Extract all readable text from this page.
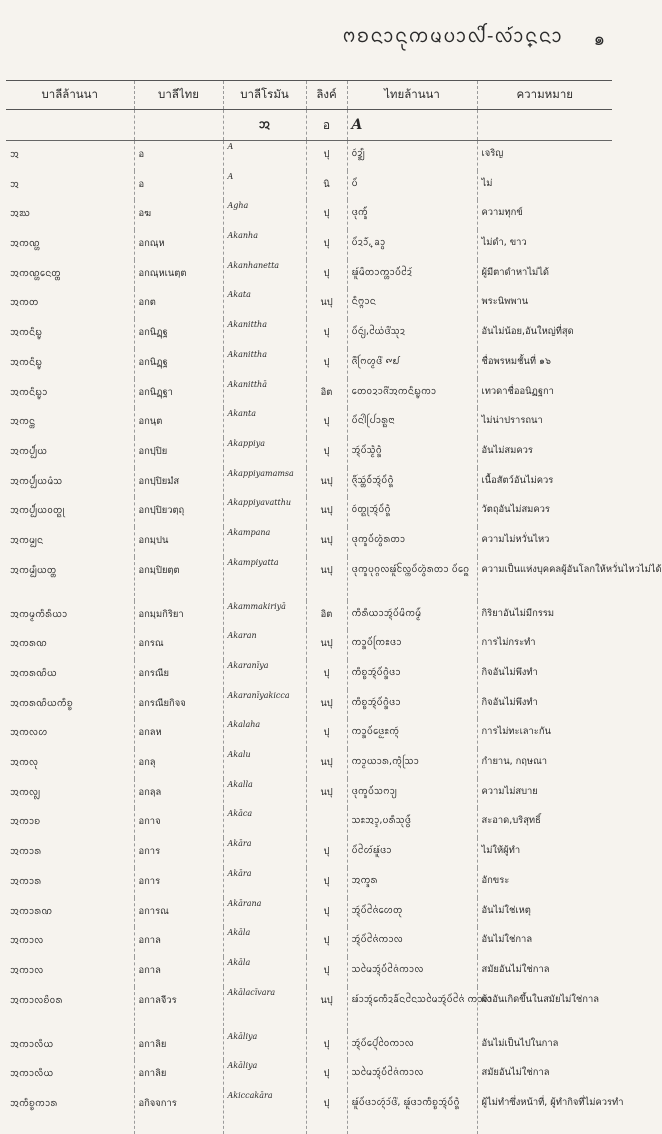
ᨻᨧᨶᩣᨶᩩᨠᨾᨷᩣᩓᩦ-ᩃ᩶ᩣ᩠ᨶᨶᩣ ๑
บาลีล้านนา	บาลีไทย	บาลีโรมัน	ลิงค์	ไทยล้านนา	ความหมาย
		ᩋ	อ	A	
ᩋ	อ	A	ปุ	ᩅᩢᨯ᩠ᨰᩥ	เจริญ
ᩋ	อ	A	นิ	ᨷᩴ᩵	ไม่
ᩋᨥ	อฆ	Agha	ปุ	ᨴᩩᨠ᩠ᨡ᩼	ความทุกข์
ᩋᨠᨱ᩠ᩉ	อกณฺห	Akanha	ปุ	ᨷᩴ᩵ᨯᩣ᩠᩶ᩴ, ᨡᩣ᩠ᩅ	ไม่ดำ, ขาว
ᩋᨠᨱ᩠ᩉᨶᩮᨲ᩠ᨲ	อกณฺหเนตฺต	Akanhanetta	ปุ	ᨹᩪ᩶ᨾᩦᨲᩣᨠ᩠ᩉᩣᨷᩴ᩵ᨯᩲ᩶	ผู้มีตาดำหาไม่ได้
ᩋᨠᨲ	อกต	Akata	นปุ	ᨶᩥᨻ᩠ᨻᩣᨶ	พระนิพพาน
ᩋᨠᨶᩥᨭ᩠ᨮ	อกนิฏฺฐ	Akanittha	ปุ	ᨷᩴ᩵ᨶᩢ᩠ᨿ,ᨿᩲ᩵ᨴᩦ᩵ᩈᩩᨯ	อันไม่น้อย,อันใหญ่ที่สุด
ᩋᨠᨶᩥᨭ᩠ᨮ	อกนิฏฺฐ	Akanittha	ปุ	ᨩᩨ᩵ᨻᩕᩉ᩠ᨾᨴᩦ᩵ ᪑᪖	ชื่อพรหมชั้นที่ ๑๖
ᩋᨠᨶᩥᨭ᩠ᨮᩣ	อกนิฏฺฐา	Akanitthā	อิต	ᨲᩮᩅᨯᩣᨩᩨ᩵ᩋᨠᨶᩥᨭ᩠ᨮᨠᩣ	เทวดาชื่ออนิฏฐกา
ᩋᨠᨶ᩠ᨲ	อกนฺต	Akanta	ปุ	ᨷᩴ᩵ᨶᩤ᩵ᨸᩕᩣᩁ᩠ᨳᨶᩣ	ไม่น่าปรารถนา
ᩋᨠᨸ᩠ᨸᩥᨿ	อกปฺปิย	Akappiya	ปุ	ᩋᩢ᩠ᨶᨷᩴ᩵ᩈᩫ᩠ᨾᨣᩫ᩠ᩁ	อันไม่สมควร
ᩋᨠᨸ᩠ᨸᩥᨿᨾᩴᩈ	อกปฺปิยมํส	Akappiyamamsa	นปุ	ᨩᩥ᩠᩶ᨶᩈᩢ᩠ᨲᩅ᩼ᩋᩢ᩠ᨶᨷᩴ᩵ᨣᩫ᩠ᩁ	เนื้อสัตว์อันไม่ควร
ᩋᨠᨸ᩠ᨸᩥᨿᩅᨲ᩠ᨳᩩ	อกปฺปิยวตฺถุ	Akappiyavatthu	นปุ	ᩅᩢᨲ᩠ᨳᩩᩋᩢ᩠ᨶᨷᩴ᩵ᨣᩫ᩠ᩁ	วัตถุอันไม่สมควร
ᩋᨠᨾ᩠ᨸᨶ	อกมฺปน	Akampana	นปุ	ᨴᩩᨠ᩠ᨡᨷᩴ᩵ᩉ᩠ᩅᩢ᩵ᩁᨲᩣ	ความไม่หวั่นไหว
ᩋᨠᨾ᩠ᨸᩥᨿᨲ᩠ᨲ	อกมฺปิยตฺต	Akampiyatta	นปุ	ᨴᩩᨠ᩠ᨡᨷᩩᨣ᩠ᨣᩃᨹᩪ᩶ᩃᩰ᩠ᨠᨷᩴ᩵ᩉ᩠ᩅᩢ᩵ᩁᨲᩣ ᨷᩴ᩵ᨣᩮ᩠ᨦ	ความเป็นแห่งบุคคลผู้อันโลกให้หวั่นไหวไม่ได้
ᩋᨠᨾ᩠ᨾᨠᩥᩁᩥᨿᩣ	อกมฺมกิริยา	Akammakiriyā	อิต	ᨠᩥᩁᩥᨿᩣᩋᩢ᩠ᨶᨷᩴ᩵ᨾᩦᨠᨾ᩠ᨾ᩼	กิริยาอันไม่มีกรรม
ᩋᨠᩁᨱ	อกรณ	Akaran	นปุ	ᨠᩣ᩠ᩁᨷᩴ᩵ᨠᩕᩡᨴᩣ	การไม่กระทำ
ᩋᨠᩁᨱᩦᨿ	อกรณีย	Akaranīya	ปุ	ᨠᩥᨧ᩠ᨧᩋᩢ᩠ᨶᨷᩴ᩵ᨣᩫ᩠ᩁᨴᩣ	กิจอันไม่พึงทำ
ᩋᨠᩁᨱᩦᨿᨠᩥᨧ᩠ᨧ	อกรณียกิจจ	Akaranīyakicca	นปุ	ᨠᩥᨧ᩠ᨧᩋᩢ᩠ᨶᨷᩴ᩵ᨣᩫ᩠ᩁᨴᩣ	กิจอันไม่พึงทำ
ᩋᨠᩃᩉ	อกลห	Akalaha	ปุ	ᨠᩣ᩠ᩁᨷᩴ᩵ᨴᩮᩬᩡᨠᩢ᩠ᨶ	การไม่ทะเลาะกัน
ᩋᨠᩃᩩ	อกลุ	Akalu	นปุ	ᨠᩣ᩠ᨾᨿᩣᩁ,ᨠᩫ᩠ᨶᩈᩕᩣ	กำยาน, กฤษณา
ᩋᨠᩃ᩠ᩃ	อกลฺล	Akalla	นปุ	ᨴᩩᨠ᩠ᨡᨷᩴ᩵ᩈᨻᩣ᩠ᨿ	ความไม่สบาย
ᩋᨠᩣᨧ	อกาจ	Akāca		ᩈᩡᩋᩣ᩠ᨯ,ᨷᩁᩥᩈᩩᨴ᩠ᨵ᩼	สะอาด,บริสุทธิ์
ᩋᨠᩣᩁ	อการ	Akāra	ปุ	ᨷᩴ᩵ᩉᩲ᩶ᨹᩪ᩶ᨴᩣ	ไม่ให้ผู้ทำ
ᩋᨠᩣᩁ	อการ	Akāra	ปุ	ᩋᨠ᩠ᨡᩁ	อักขระ
ᩋᨠᩣᩁᨱ	อการณ	Akārana	ปุ	ᩋᩢ᩠ᨶᨷᩴ᩵ᨩᩲ᩵ᩉᩮᨲᩩ	อันไม่ใช่เหตุ
ᩋᨠᩣᩃ	อกาล	Akāla	ปุ	ᩋᩢ᩠ᨶᨷᩴ᩵ᨩᩲ᩵ᨠᩣᩃ	อันไม่ใช่กาล
ᩋᨠᩣᩃ	อกาล	Akāla	ปุ	ᩈᨾᩱᩋᩢ᩠ᨶᨷᩴ᩵ᨩᩲ᩵ᨠᩣᩃ	สมัยอันไม่ใช่กาล
ᩋᨠᩣᩃᨧᩦᩅᩁ	อกาลจีวร	Akālacīvara	นปุ	ᨹ᩶ᩣᩋᩢ᩠ᨶᨠᩮᩥᨯᨡᩧ᩶ᨶᨶᩲᩈᨾᩱᩋᩢ᩠ᨶᨷᩴ᩵ᨩᩲ᩵ ᨠᩣᩃ	ผ้าอันเกิดขึ้นในสมัยไม่ใช่กาล
ᩋᨠᩣᩃᩥᨿ	อกาลิย	Akāliya	ปุ	ᩋᩢ᩠ᨶᨷᩴ᩵ᨸᩮᩢ᩠ᨶᩅᩱᨠᩣᩃ	อันไม่เป็นไปในกาล
ᩋᨠᩣᩃᩥᨿ	อกาลิย	Akāliya	ปุ	ᩈᨾᩱᩋᩢ᩠ᨶᨷᩴ᩵ᨩᩲ᩵ᨠᩣᩃ	สมัยอันไม่ใช่กาล
ᩋᨠᩥᨧ᩠ᨧᨠᩣᩁ	อกิจจการ	Akiccakāra	ปุ	ᨹᩪ᩶ᨷᩴ᩵ᨴᩣᩉ᩠ᨶᩢᩣ᩶ᨴᩦ᩵, ᨹᩪ᩶ᨴᩣᨠᩥᨧ᩠ᨧᩋᩢ᩠ᨶᨷᩴ᩵ᨣᩫ᩠ᩁ	ผู้ไม่ทำซึ่งหน้าที่, ผู้ทำกิจที่ไม่ควรทำ
